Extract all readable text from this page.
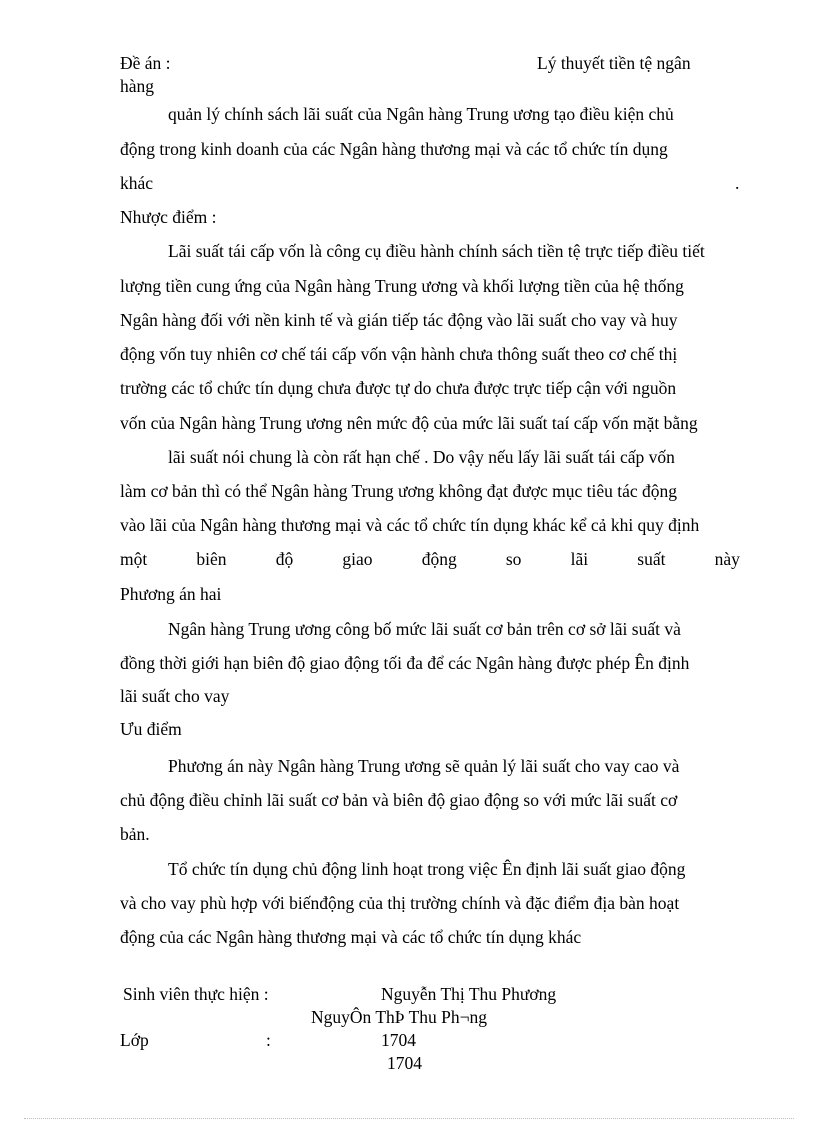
Đề án :	Lý thuyết tiền tệ ngân
hàng
quản lý chính sách lãi suất của Ngân hàng Trung ương tạo điều kiện chủ
động trong kinh doanh của các Ngân hàng thương mại và các tổ chức tín dụng
khác	.
Nhược điểm :
Lãi suất tái cấp vốn là công cụ điều hành chính sách tiền tệ trực tiếp điều tiết
lượng tiền cung ứng của Ngân hàng Trung ương và khối lượng tiền của hệ thống
Ngân hàng đối với nền kinh tế và gián tiếp tác động vào lãi suất cho vay và huy
động vốn tuy nhiên cơ chế tái cấp vốn vận hành chưa thông suất theo cơ chế thị
trường các tổ chức tín dụng chưa được tự do chưa được trực tiếp cận với nguồn
vốn của Ngân hàng Trung ương nên mức độ của mức lãi suất taí cấp vốn mặt bằng
lãi suất nói chung là còn rất hạn chế . Do vậy nếu lấy lãi suất tái cấp vốn
làm cơ bản thì có thể Ngân hàng Trung ương không đạt được mục tiêu tác động
vào lãi của Ngân hàng thương mại và các tổ chức tín dụng khác kể cả khi quy định
một	biên	độ	giao	động	so	lãi	suất	này
Phương án hai
Ngân hàng Trung ương công bố mức lãi suất cơ bản trên cơ sở lãi suất và
đồng thời giới hạn biên độ giao động tối đa để các Ngân hàng được phép Ên định
lãi suất cho vay
Ưu điểm
Phương án này Ngân hàng Trung ương sẽ quản lý lãi suất cho vay cao và
chủ động điều chỉnh lãi suất cơ bản và biên độ giao động so với mức lãi suất cơ
bản.
Tổ chức tín dụng chủ động linh hoạt trong việc Ên định lãi suất giao động
và cho vay phù hợp với biếnđộng của thị trường chính và đặc điểm địa bàn hoạt
động của các Ngân hàng thương mại và các tổ chức tín dụng khác
Sinh viên thực hiện :	Nguyễn Thị Thu Phương
NguyÔn ThÞ Thu Ph¬ng
Lớp	:	1704
1704
